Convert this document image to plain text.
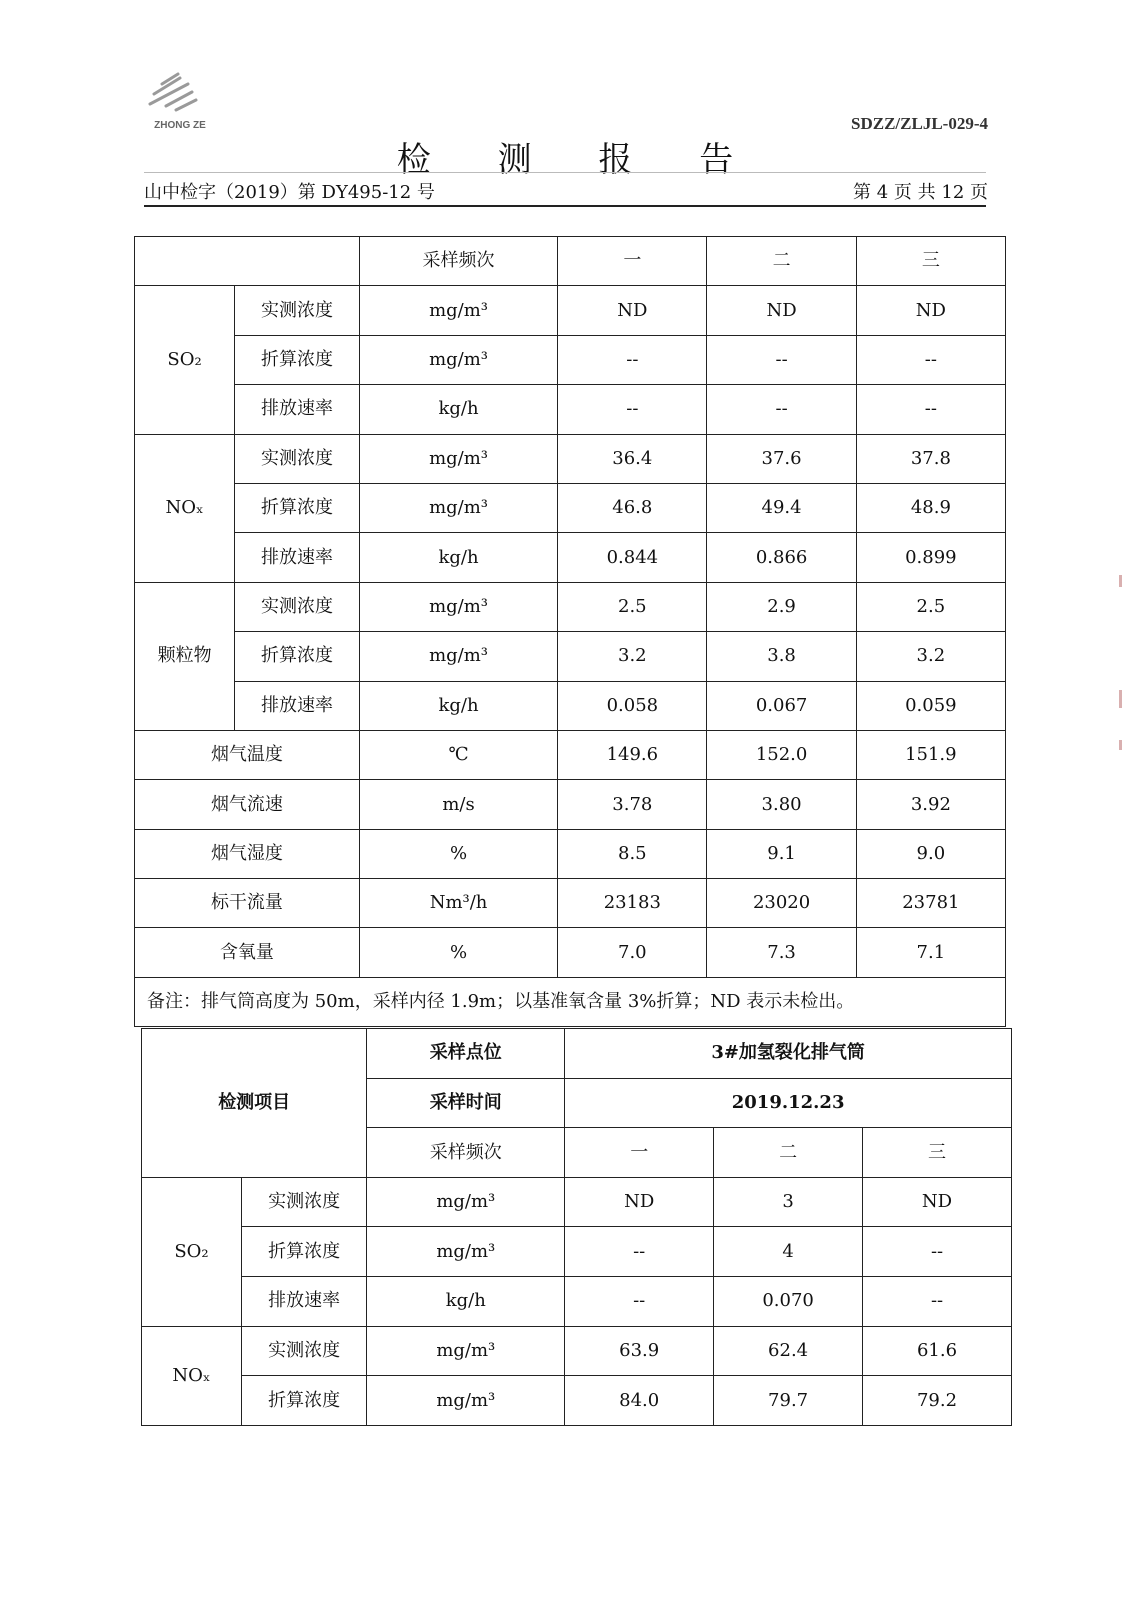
ZHONG ZE	SDZZ/ZLJL-029-4
检 测 报 告
山中检字（2019）第 DY495-12 号	第 4 页 共 12 页
		采样频次	一	二	三
SO₂	实测浓度	mg/m³	ND	ND	ND
	折算浓度	mg/m³	--	--	--
	排放速率	kg/h	--	--	--
NOₓ	实测浓度	mg/m³	36.4	37.6	37.8
	折算浓度	mg/m³	46.8	49.4	48.9
	排放速率	kg/h	0.844	0.866	0.899
颗粒物	实测浓度	mg/m³	2.5	2.9	2.5
	折算浓度	mg/m³	3.2	3.8	3.2
	排放速率	kg/h	0.058	0.067	0.059
烟气温度		℃	149.6	152.0	151.9
烟气流速		m/s	3.78	3.80	3.92
烟气湿度		%	8.5	9.1	9.0
标干流量		Nm³/h	23183	23020	23781
含氧量		%	7.0	7.3	7.1
备注：排气筒高度为 50m，采样内径 1.9m；以基准氧含量 3%折算；ND 表示未检出。					
检测项目		采样点位	3#加氢裂化排气筒		
		采样时间	2019.12.23		
		采样频次	一	二	三
SO₂	实测浓度	mg/m³	ND	3	ND
	折算浓度	mg/m³	--	4	--
	排放速率	kg/h	--	0.070	--
NOₓ	实测浓度	mg/m³	63.9	62.4	61.6
	折算浓度	mg/m³	84.0	79.7	79.2
